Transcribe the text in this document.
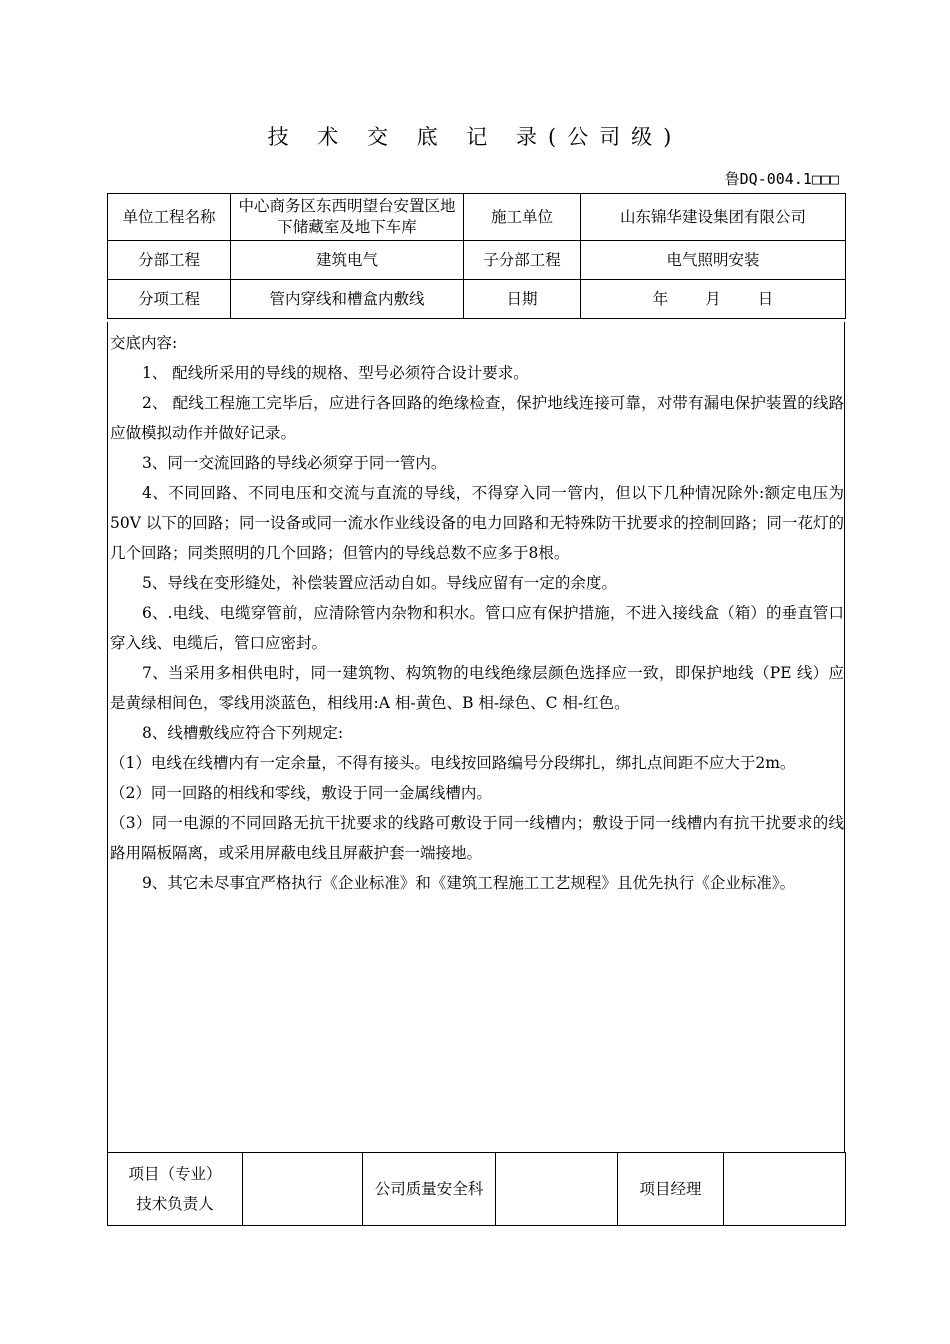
技 术 交 底 记 录(公司级)
鲁DQ-004.1□□□
单位工程名称	中心商务区东西明望台安置区地下储藏室及地下车库	施工单位	山东锦华建设集团有限公司
分部工程	建筑电气	子分部工程	电气照明安装
分项工程	管内穿线和槽盒内敷线	日期	年 月 日

交底内容:

1、 配线所采用的导线的规格、型号必须符合设计要求。

2、 配线工程施工完毕后，应进行各回路的绝缘检查，保护地线连接可靠，对带有漏电保护装置的线路应做模拟动作并做好记录。

3、同一交流回路的导线必须穿于同一管内。

4、不同回路、不同电压和交流与直流的导线，不得穿入同一管内，但以下几种情况除外:额定电压为50V 以下的回路；同一设备或同一流水作业线设备的电力回路和无特殊防干扰要求的控制回路；同一花灯的几个回路；同类照明的几个回路；但管内的导线总数不应多于8根。

5、导线在变形缝处，补偿装置应活动自如。导线应留有一定的余度。

6、.电线、电缆穿管前，应清除管内杂物和积水。管口应有保护措施，不进入接线盒（箱）的垂直管口穿入线、电缆后，管口应密封。

7、当采用多相供电时，同一建筑物、构筑物的电线绝缘层颜色选择应一致，即保护地线（PE 线）应是黄绿相间色，零线用淡蓝色，相线用:A 相-黄色、B 相-绿色、C 相-红色。

8、线槽敷线应符合下列规定:

（1）电线在线槽内有一定余量，不得有接头。电线按回路编号分段绑扎，绑扎点间距不应大于2m。

（2）同一回路的相线和零线，敷设于同一金属线槽内。

（3）同一电源的不同回路无抗干扰要求的线路可敷设于同一线槽内；敷设于同一线槽内有抗干扰要求的线路用隔板隔离，或采用屏蔽电线且屏蔽护套一端接地。

9、其它未尽事宜严格执行《企业标准》和《建筑工程施工工艺规程》且优先执行《企业标准》。

项目（专业）
技术负责人
		公司质量安全科		项目经理	
